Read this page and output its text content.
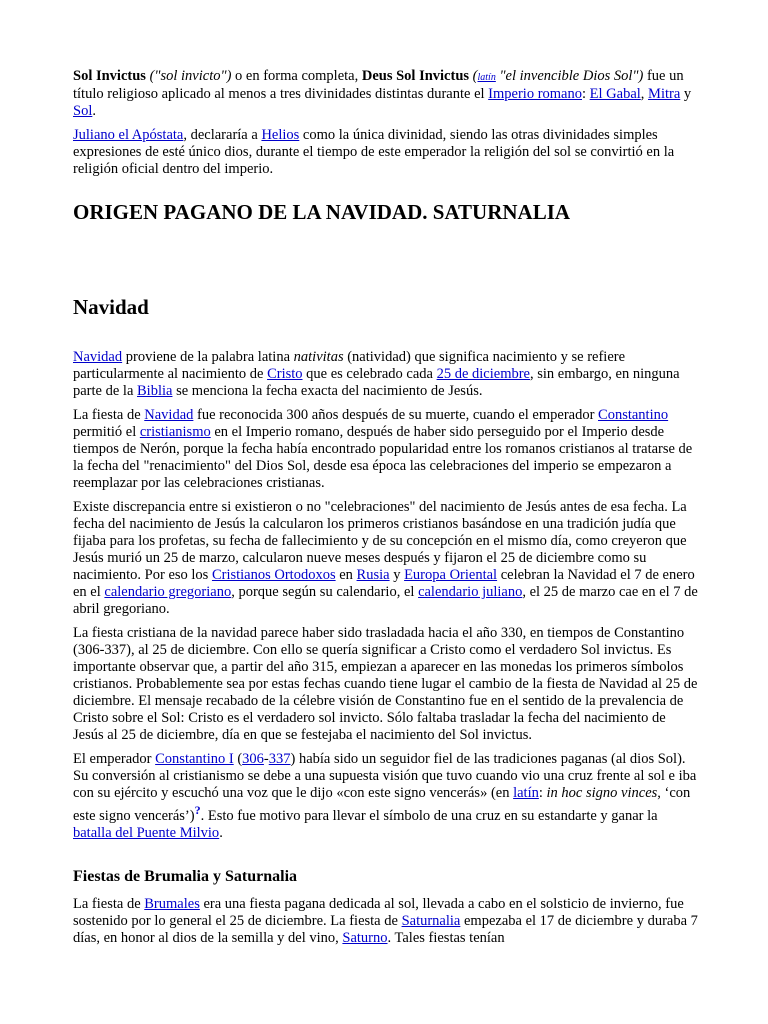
Sol Invictus ("sol invicto") o en forma completa, Deus Sol Invictus (latín "el invencible Dios Sol") fue un título religioso aplicado al menos a tres divinidades distintas durante el Imperio romano: El Gabal, Mitra y Sol.

Juliano el Apóstata, declararía a Helios como la única divinidad, siendo las otras divinidades simples expresiones de esté único dios, durante el tiempo de este emperador la religión del sol se convirtió en la religión oficial dentro del imperio.

ORIGEN PAGANO DE LA NAVIDAD. SATURNALIA
Navidad

Navidad proviene de la palabra latina nativitas (natividad) que significa nacimiento y se refiere particularmente al nacimiento de Cristo que es celebrado cada 25 de diciembre, sin embargo, en ninguna parte de la Biblia se menciona la fecha exacta del nacimiento de Jesús.

La fiesta de Navidad fue reconocida 300 años después de su muerte, cuando el emperador Constantino permitió el cristianismo en el Imperio romano, después de haber sido perseguido por el Imperio desde tiempos de Nerón, porque la fecha había encontrado popularidad entre los romanos cristianos al tratarse de la fecha del "renacimiento" del Dios Sol, desde esa época las celebraciones del imperio se empezaron a reemplazar por las celebraciones cristianas.

Existe discrepancia entre si existieron o no "celebraciones" del nacimiento de Jesús antes de esa fecha. La fecha del nacimiento de Jesús la calcularon los primeros cristianos basándose en una tradición judía que fijaba para los profetas, su fecha de fallecimiento y de su concepción en el mismo día, como creyeron que Jesús murió un 25 de marzo, calcularon nueve meses después y fijaron el 25 de diciembre como su nacimiento. Por eso los Cristianos Ortodoxos en Rusia y Europa Oriental celebran la Navidad el 7 de enero en el calendario gregoriano, porque según su calendario, el calendario juliano, el 25 de marzo cae en el 7 de abril gregoriano.

La fiesta cristiana de la navidad parece haber sido trasladada hacia el año 330, en tiempos de Constantino (306-337), al 25 de diciembre. Con ello se quería significar a Cristo como el verdadero Sol invictus. Es importante observar que, a partir del año 315, empiezan a aparecer en las monedas los primeros símbolos cristianos. Probablemente sea por estas fechas cuando tiene lugar el cambio de la fiesta de Navidad al 25 de diciembre. El mensaje recabado de la célebre visión de Constantino fue en el sentido de la prevalencia de Cristo sobre el Sol: Cristo es el verdadero sol invicto. Sólo faltaba trasladar la fecha del nacimiento de Jesús al 25 de diciembre, día en que se festejaba el nacimiento del Sol invictus.

El emperador Constantino I (306-337) había sido un seguidor fiel de las tradiciones paganas (al dios Sol). Su conversión al cristianismo se debe a una supuesta visión que tuvo cuando vio una cruz frente al sol e iba con su ejército y escuchó una voz que le dijo «con este signo vencerás» (en latín: in hoc signo vinces, ‘con este signo vencerás’)?. Esto fue motivo para llevar el símbolo de una cruz en su estandarte y ganar la batalla del Puente Milvio.

Fiestas de Brumalia y Saturnalia

La fiesta de Brumales era una fiesta pagana dedicada al sol, llevada a cabo en el solsticio de invierno, fue sostenido por lo general el 25 de diciembre. La fiesta de Saturnalia empezaba el 17 de diciembre y duraba 7 días, en honor al dios de la semilla y del vino, Saturno. Tales fiestas tenían
